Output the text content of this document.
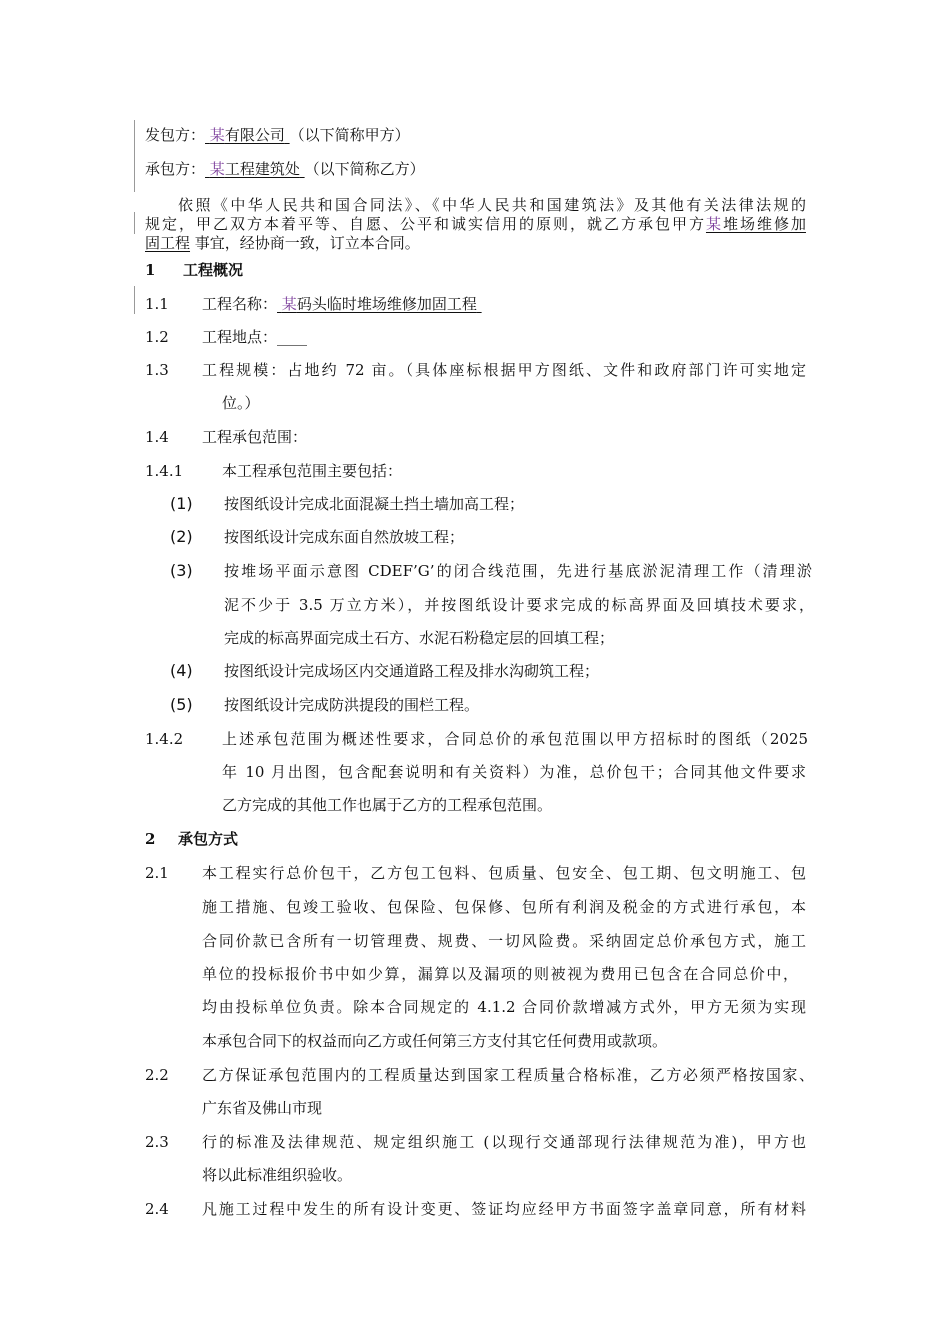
发包方： 某有限公司 （以下简称甲方）
承包方： 某工程建筑处 （以下简称乙方）
依照《中华人民共和国合同法》、《中华人民共和国建筑法》及其他有关法律法规的
规定，甲乙双方本着平等、自愿、公平和诚实信用的原则，就乙方承包甲方某堆场维修加
固工程 事宜，经协商一致，订立本合同。
1 工程概况
1.1 工程名称： 某码头临时堆场维修加固工程
1.2 工程地点：____
1.3 工程规模：占地约 72 亩。（具体座标根据甲方图纸、文件和政府部门许可实地定
位。）
1.4 工程承包范围：
1.4.1	本工程承包范围主要包括：
(1) 按图纸设计完成北面混凝土挡土墙加高工程；
(2) 按图纸设计完成东面自然放坡工程；
(3) 按堆场平面示意图 CDEF’G’的闭合线范围，先进行基底淤泥清理工作（清理淤
泥不少于 3.5 万立方米），并按图纸设计要求完成的标高界面及回填技术要求，
完成的标高界面完成土石方、水泥石粉稳定层的回填工程；
(4) 按图纸设计完成场区内交通道路工程及排水沟砌筑工程；
(5) 按图纸设计完成防洪提段的围栏工程。
1.4.2	上述承包范围为概述性要求，合同总价的承包范围以甲方招标时的图纸（2025
年 10 月出图，包含配套说明和有关资料）为准，总价包干；合同其他文件要求
乙方完成的其他工作也属于乙方的工程承包范围。
2 承包方式
2.1 本工程实行总价包干，乙方包工包料、包质量、包安全、包工期、包文明施工、包
施工措施、包竣工验收、包保险、包保修、包所有利润及税金的方式进行承包，本
合同价款已含所有一切管理费、规费、一切风险费。采纳固定总价承包方式，施工
单位的投标报价书中如少算，漏算以及漏项的则被视为费用已包含在合同总价中，
均由投标单位负责。除本合同规定的 4.1.2 合同价款增减方式外，甲方无须为实现
本承包合同下的权益而向乙方或任何第三方支付其它任何费用或款项。
2.2 乙方保证承包范围内的工程质量达到国家工程质量合格标准，乙方必须严格按国家、
广东省及佛山市现
2.3 行的标准及法律规范、规定组织施工 (以现行交通部现行法律规范为准)，甲方也
将以此标准组织验收。
2.4 凡施工过程中发生的所有设计变更、签证均应经甲方书面签字盖章同意，所有材料
